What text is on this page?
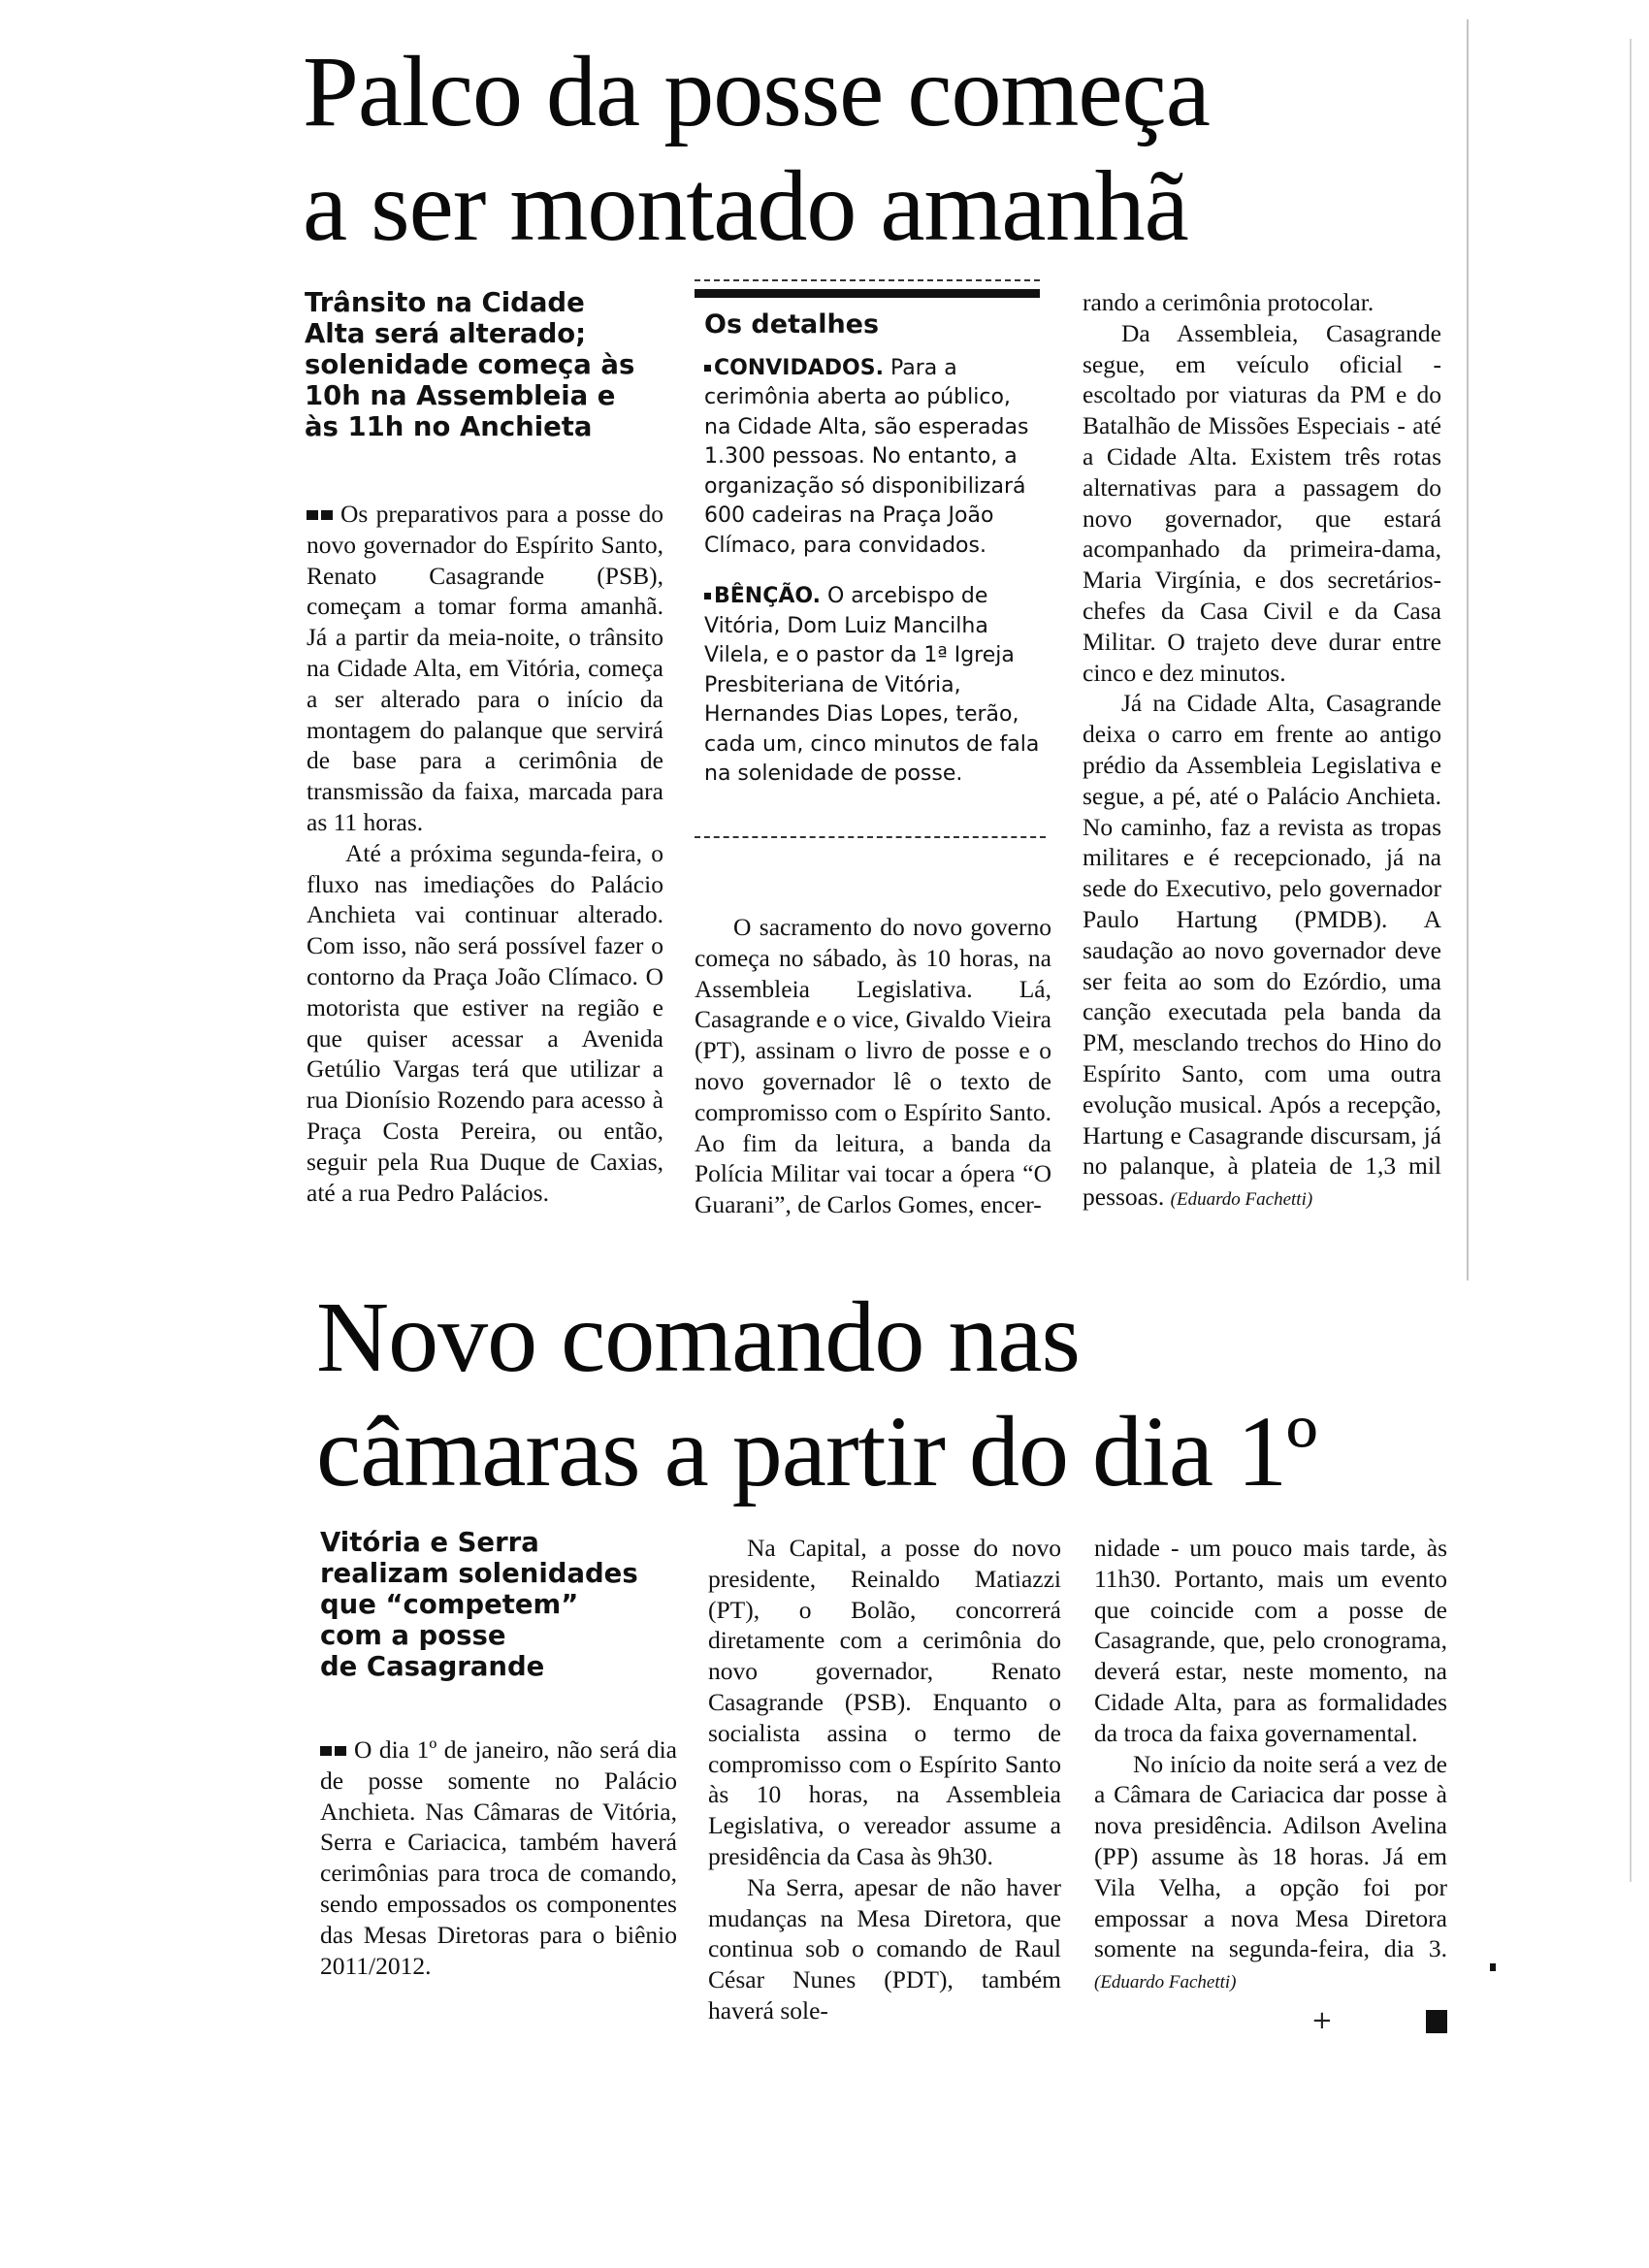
Palco da posse começa
a ser montado amanhã
Trânsito na Cidade
Alta será alterado;
solenidade começa às
10h na Assembleia e
às 11h no Anchieta

Os preparativos para a posse do novo governador do Espírito Santo, Renato Casagrande (PSB), começam a tomar forma amanhã. Já a partir da meia-noite, o trânsito na Cidade Alta, em Vitória, começa a ser alterado para o início da montagem do palanque que servirá de base para a cerimônia de transmissão da faixa, marcada para as 11 horas.

Até a próxima segunda-feira, o fluxo nas imediações do Palácio Anchieta vai continuar alterado. Com isso, não será possível fazer o contorno da Praça João Clímaco. O motorista que estiver na região e que quiser acessar a Avenida Getúlio Vargas terá que utilizar a rua Dionísio Rozendo para acesso à Praça Costa Pereira, ou então, seguir pela Rua Duque de Caxias, até a rua Pedro Palácios.

Os detalhes

CONVIDADOS. Para a cerimônia aberta ao público, na Cidade Alta, são esperadas 1.300 pessoas. No entanto, a organização só disponibilizará 600 cadeiras na Praça João Clímaco, para convidados.

BÊNÇÃO. O arcebispo de Vitória, Dom Luiz Mancilha Vilela, e o pastor da 1ª Igreja Presbiteriana de Vitória, Hernandes Dias Lopes, terão, cada um, cinco minutos de fala na solenidade de posse.

O sacramento do novo governo começa no sábado, às 10 horas, na Assembleia Legislativa. Lá, Casagrande e o vice, Givaldo Vieira (PT), assinam o livro de posse e o novo governador lê o texto de compromisso com o Espírito Santo. Ao fim da leitura, a banda da Polícia Militar vai tocar a ópera “O Guarani”, de Carlos Gomes, encer-

rando a cerimônia protocolar.

Da Assembleia, Casagrande segue, em veículo oficial - escoltado por viaturas da PM e do Batalhão de Missões Especiais - até a Cidade Alta. Existem três rotas alternativas para a passagem do novo governador, que estará acompanhado da primeira-dama, Maria Virgínia, e dos secretários-chefes da Casa Civil e da Casa Militar. O trajeto deve durar entre cinco e dez minutos.

Já na Cidade Alta, Casagrande deixa o carro em frente ao antigo prédio da Assembleia Legislativa e segue, a pé, até o Palácio Anchieta. No caminho, faz a revista as tropas militares e é recepcionado, já na sede do Executivo, pelo governador Paulo Hartung (PMDB). A saudação ao novo governador deve ser feita ao som do Ezórdio, uma canção executada pela banda da PM, mesclando trechos do Hino do Espírito Santo, com uma outra evolução musical. Após a recepção, Hartung e Casagrande discursam, já no palanque, à plateia de 1,3 mil pessoas. (Eduardo Fachetti)

Novo comando nas
câmaras a partir do dia 1º
Vitória e Serra
realizam solenidades
que “competem”
com a posse
de Casagrande

O dia 1º de janeiro, não será dia de posse somente no Palácio Anchieta. Nas Câmaras de Vitória, Serra e Cariacica, também haverá cerimônias para troca de comando, sendo empossados os componentes das Mesas Diretoras para o biênio 2011/2012.

Na Capital, a posse do novo presidente, Reinaldo Matiazzi (PT), o Bolão, concorrerá diretamente com a cerimônia do novo governador, Renato Casagrande (PSB). Enquanto o socialista assina o termo de compromisso com o Espírito Santo às 10 horas, na Assembleia Legislativa, o vereador assume a presidência da Casa às 9h30.

Na Serra, apesar de não haver mudanças na Mesa Diretora, que continua sob o comando de Raul César Nunes (PDT), também haverá sole-

nidade - um pouco mais tarde, às 11h30. Portanto, mais um evento que coincide com a posse de Casagrande, que, pelo cronograma, deverá estar, neste momento, na Cidade Alta, para as formalidades da troca da faixa governamental.

No início da noite será a vez de a Câmara de Cariacica dar posse à nova presidência. Adilson Avelina (PP) assume às 18 horas. Já em Vila Velha, a opção foi por empossar a nova Mesa Diretora somente na segunda-feira, dia 3. (Eduardo Fachetti)

+
